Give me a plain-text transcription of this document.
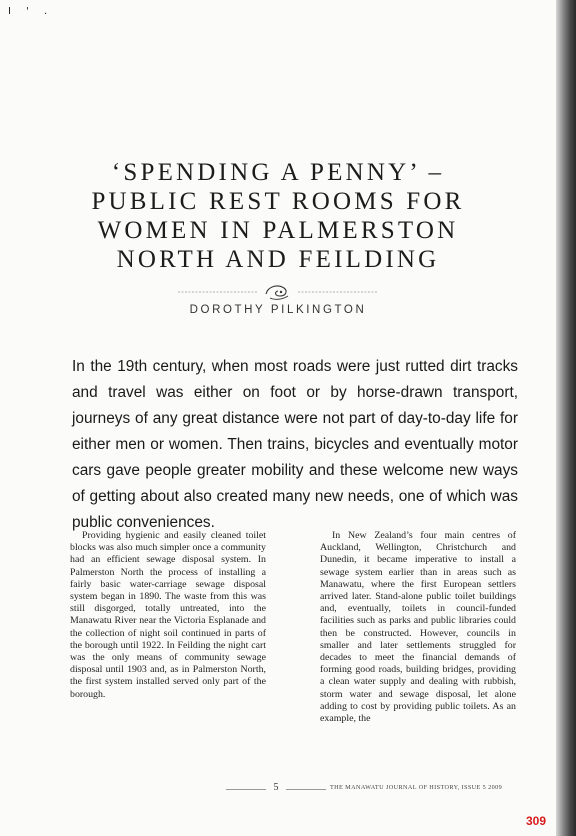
I ' .
‘SPENDING A PENNY’ –
PUBLIC REST ROOMS FOR
WOMEN IN PALMERSTON
NORTH AND FEILDING
DOROTHY PILKINGTON
In the 19th century, when most roads were just rutted dirt tracks and travel was either on foot or by horse-drawn transport, journeys of any great distance were not part of day-to-day life for either men or women. Then trains, bicycles and eventually motor cars gave people greater mobility and these welcome new ways of getting about also created many new needs, one of which was public conveniences.
Providing hygienic and easily cleaned toilet blocks was also much simpler once a community had an efficient sewage disposal system. In Palmerston North the process of installing a fairly basic water-carriage sewage disposal system began in 1890. The waste from this was still disgorged, totally untreated, into the Manawatu River near the Victoria Esplanade and the collection of night soil continued in parts of the borough until 1922. In Feilding the night cart was the only means of community sewage disposal until 1903 and, as in Palmerston North, the first system installed served only part of the borough.
In New Zealand’s four main centres of Auckland, Wellington, Christchurch and Dunedin, it became imperative to install a sewage system earlier than in areas such as Manawatu, where the first European settlers arrived later. Stand-alone public toilet buildings and, eventually, toilets in council-funded facilities such as parks and public libraries could then be constructed. However, councils in smaller and later settlements struggled for decades to meet the financial demands of forming good roads, building bridges, providing a clean water supply and dealing with rubbish, storm water and sewage disposal, let alone adding to cost by providing public toilets. As an example, the
5	THE MANAWATU JOURNAL OF HISTORY, ISSUE 5 2009
309
